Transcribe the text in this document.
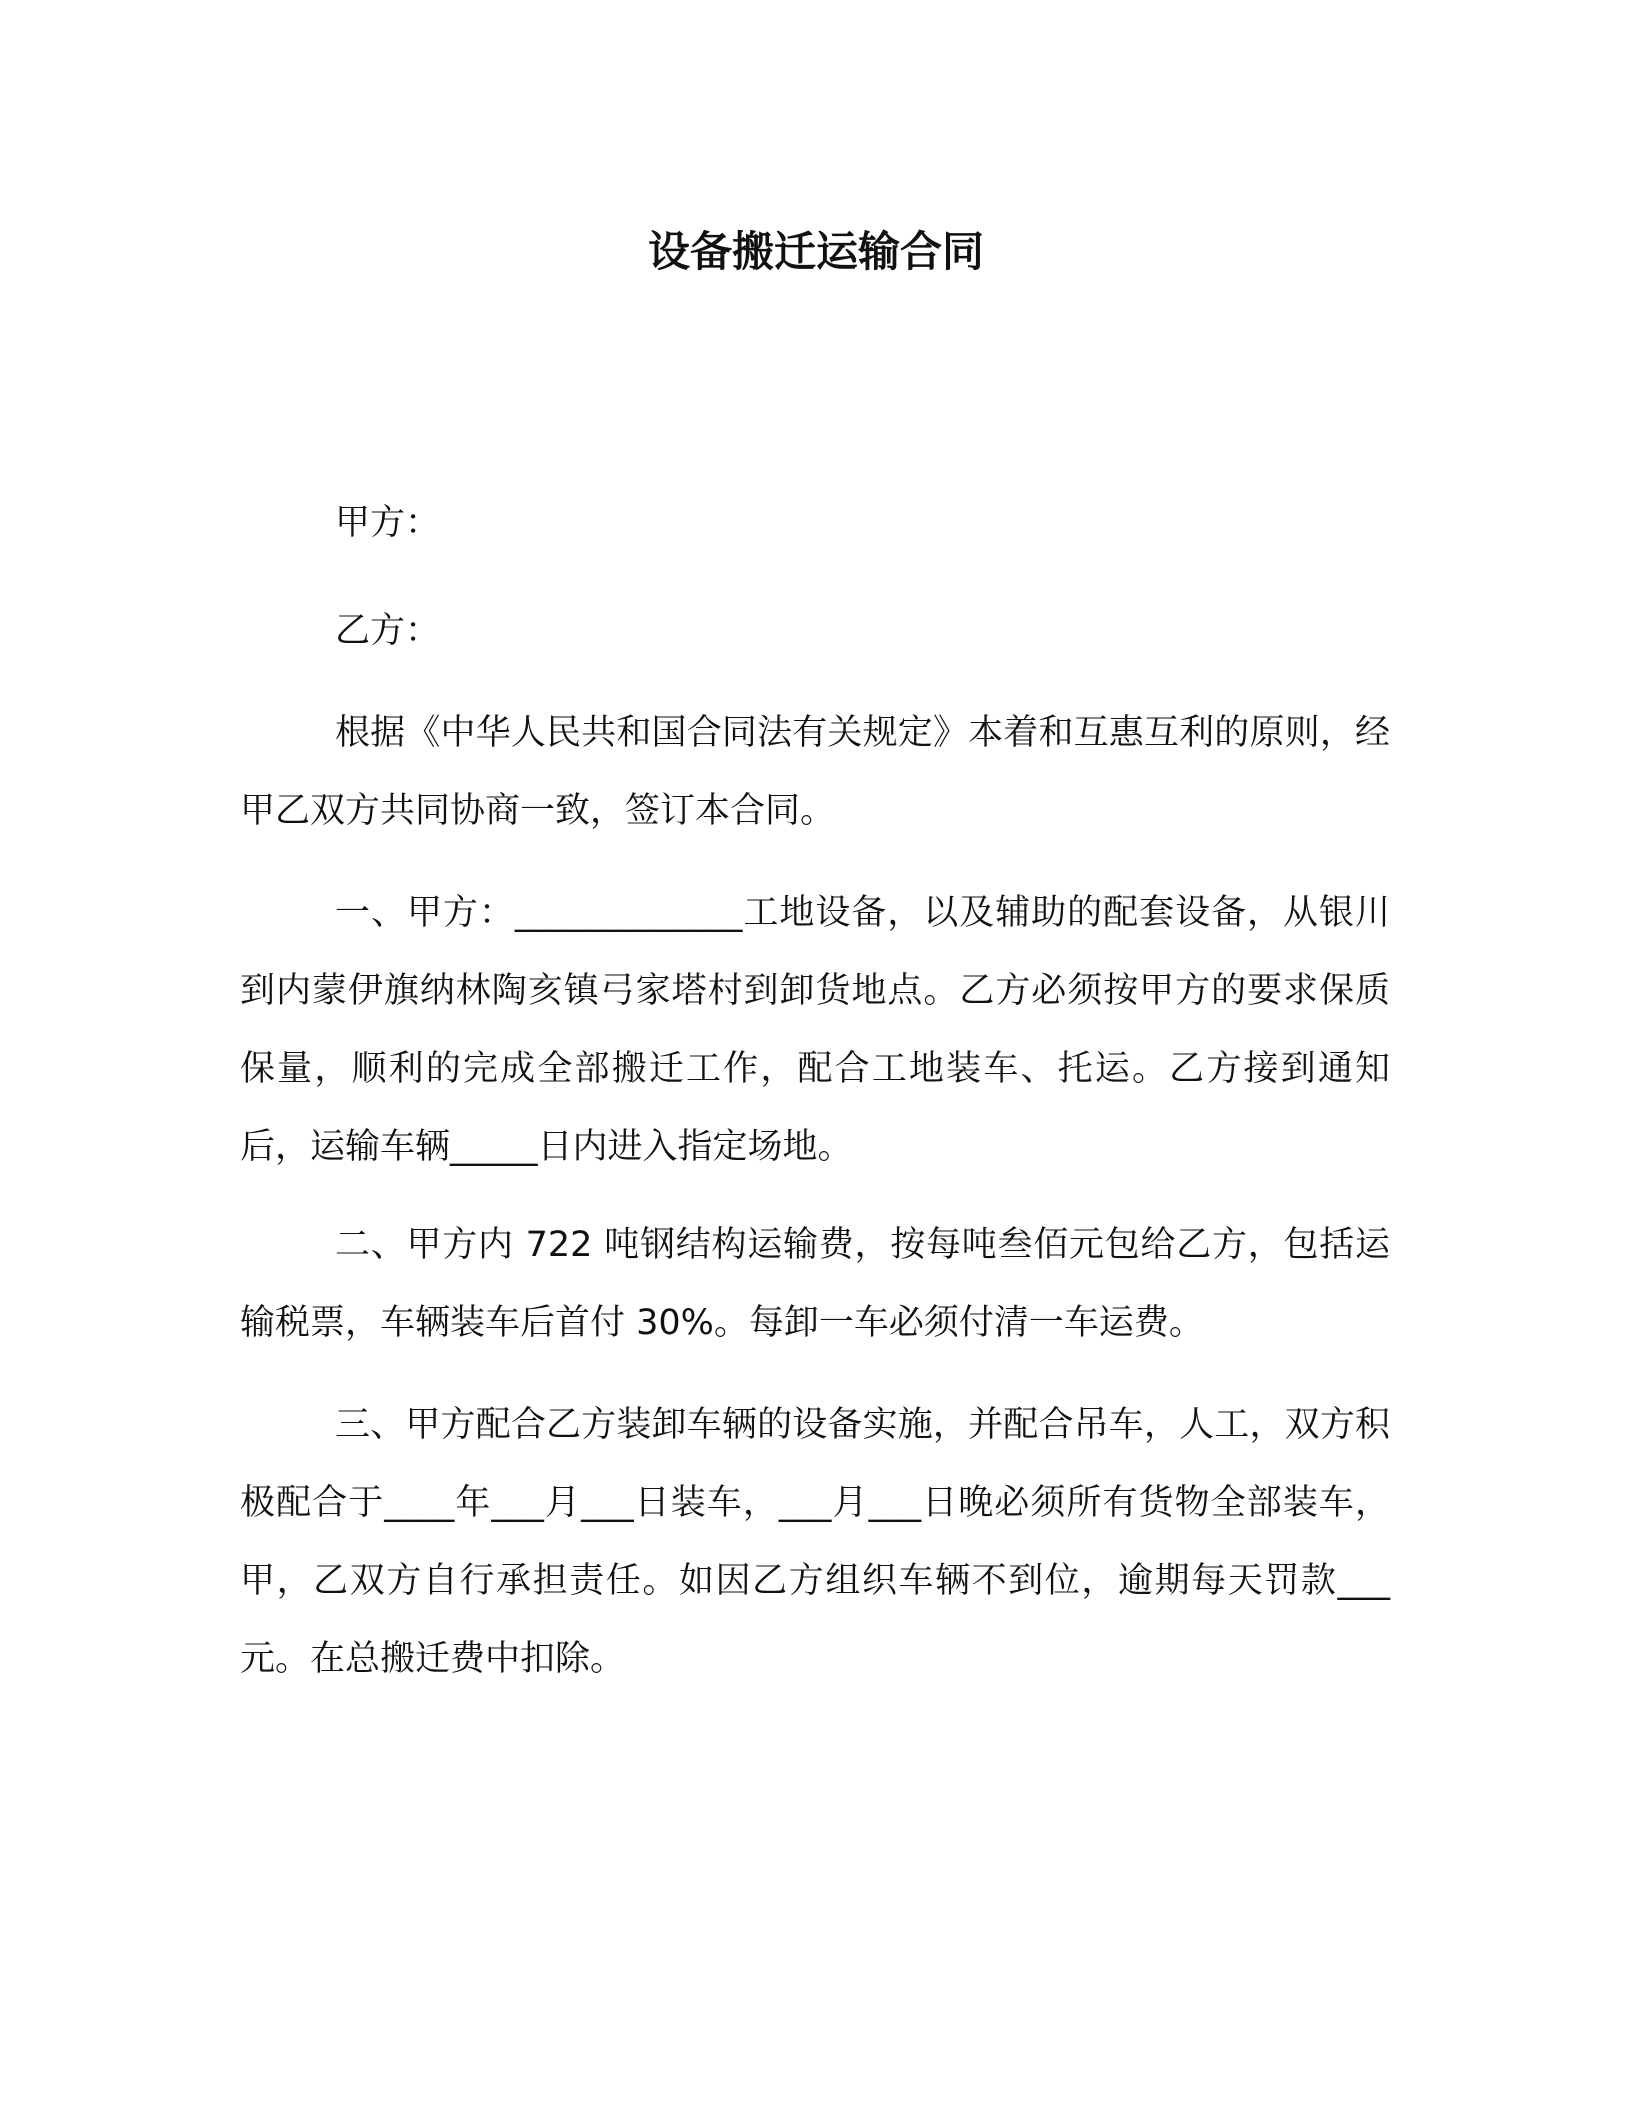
设备搬迁运输合同

甲方：

乙方：

根据《中华人民共和国合同法有关规定》本着和互惠互利的原则，经甲乙双方共同协商一致，签订本合同。

一、甲方：_____________工地设备，以及辅助的配套设备，从银川到内蒙伊旗纳林陶亥镇弓家塔村到卸货地点。乙方必须按甲方的要求保质保量，顺利的完成全部搬迁工作，配合工地装车、托运。乙方接到通知后，运输车辆_____日内进入指定场地。

二、甲方内 722 吨钢结构运输费，按每吨叁佰元包给乙方，包括运输税票，车辆装车后首付 30%。每卸一车必须付清一车运费。

三、甲方配合乙方装卸车辆的设备实施，并配合吊车，人工，双方积极配合于____年___月___日装车，___月___日晚必须所有货物全部装车，甲，乙双方自行承担责任。如因乙方组织车辆不到位，逾期每天罚款___元。在总搬迁费中扣除。
